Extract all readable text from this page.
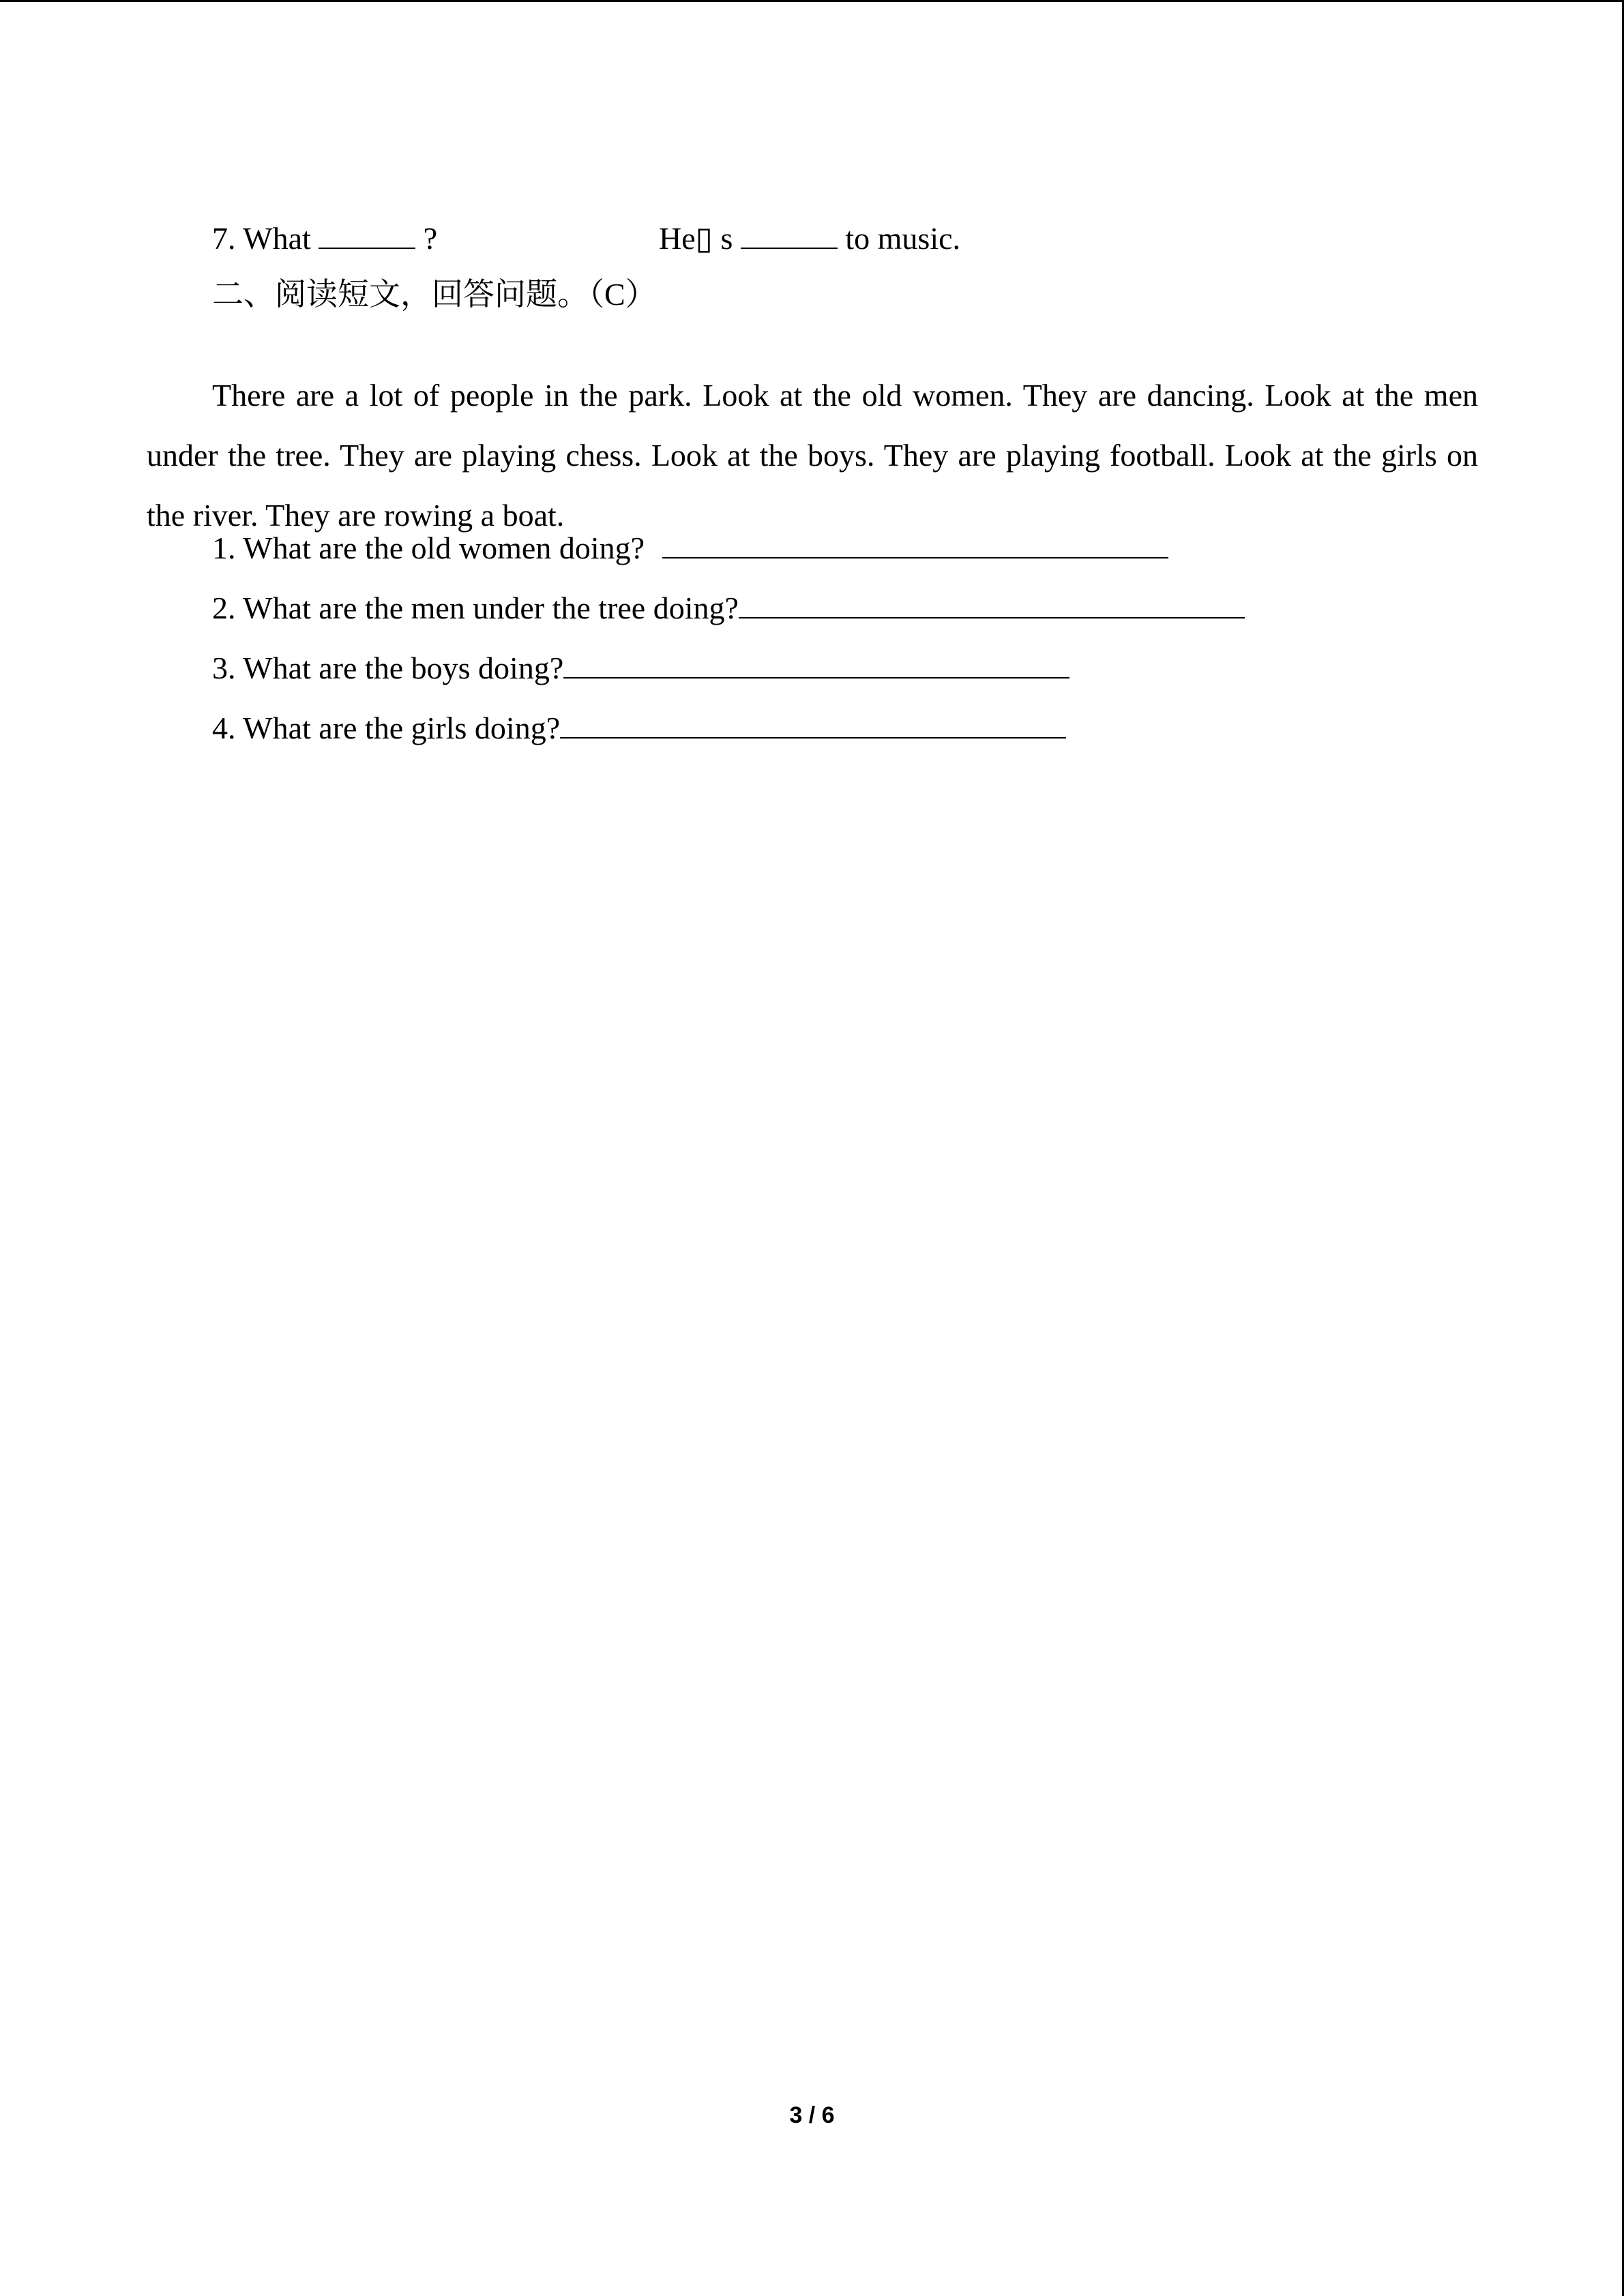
7. What	?	He▯ s	to music.
二、阅读短文，回答问题。（C）

There are a lot of people in the park. Look at the old women. They are dancing. Look at the men under the tree. They are playing chess. Look at the boys. They are playing football. Look at the girls on the river. They are rowing a boat.

1. What are the old women doing?
2. What are the men under the tree doing?
3. What are the boys doing?
4. What are the girls doing?
3 / 6
